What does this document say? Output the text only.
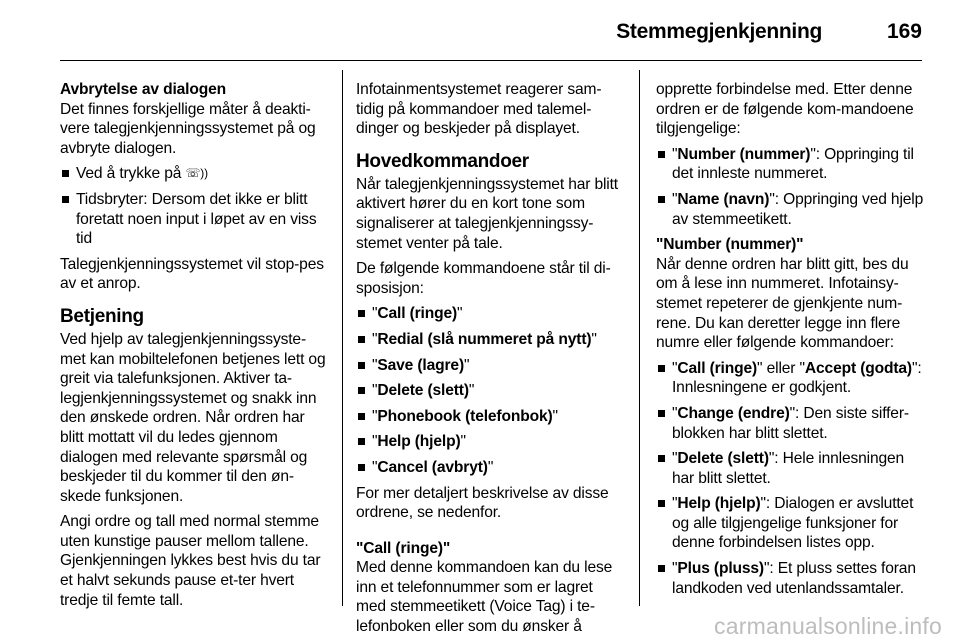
Stemmegjenkjenning	169

Avbrytelse av dialogen

Det finnes forskjellige måter å deakti-vere talegjenkjenningssystemet på og avbryte dialogen.

Ved å trykke på ☏))
Tidsbryter: Dersom det ikke er blitt foretatt noen input i løpet av en viss tid

Talegjenkjenningssystemet vil stop-pes av et anrop.

Betjening

Ved hjelp av talegjenkjenningssyste-met kan mobiltelefonen betjenes lett og greit via talefunksjonen. Aktiver ta-legjenkjenningssystemet og snakk inn den ønskede ordren. Når ordren har blitt mottatt vil du ledes gjennom dialogen med relevante spørsmål og beskjeder til du kommer til den øn-skede funksjonen.

Angi ordre og tall med normal stemme uten kunstige pauser mellom tallene. Gjenkjenningen lykkes best hvis du tar et halvt sekunds pause et-ter hvert tredje til femte tall.

Infotainmentsystemet reagerer sam-tidig på kommandoer med talemel-dinger og beskjeder på displayet.

Hovedkommandoer

Når talegjenkjenningssystemet har blitt aktivert hører du en kort tone som signaliserer at talegjenkjenningssy-stemet venter på tale.

De følgende kommandoene står til di-sposisjon:

"Call (ringe)"
"Redial (slå nummeret på nytt)"
"Save (lagre)"
"Delete (slett)"
"Phonebook (telefonbok)"
"Help (hjelp)"
"Cancel (avbryt)"

For mer detaljert beskrivelse av disse ordrene, se nedenfor.

"Call (ringe)"

Med denne kommandoen kan du lese inn et telefonnummer som er lagret med stemmeetikett (Voice Tag) i te-lefonboken eller som du ønsker å

opprette forbindelse med. Etter denne ordren er de følgende kom-mandoene tilgjengelige:

"Number (nummer)": Oppringing til det innleste nummeret.
"Name (navn)": Oppringing ved hjelp av stemmeetikett.

"Number (nummer)"

Når denne ordren har blitt gitt, bes du om å lese inn nummeret. Infotainsy-stemet repeterer de gjenkjente num-rene. Du kan deretter legge inn flere numre eller følgende kommandoer:

"Call (ringe)" eller "Accept (godta)": Innlesningene er godkjent.
"Change (endre)": Den siste siffer-blokken har blitt slettet.
"Delete (slett)": Hele innlesningen har blitt slettet.
"Help (hjelp)": Dialogen er avsluttet og alle tilgjengelige funksjoner for denne forbindelsen listes opp.
"Plus (pluss)": Et pluss settes foran landkoden ved utenlandssamtaler.
carmanualsonline.info
